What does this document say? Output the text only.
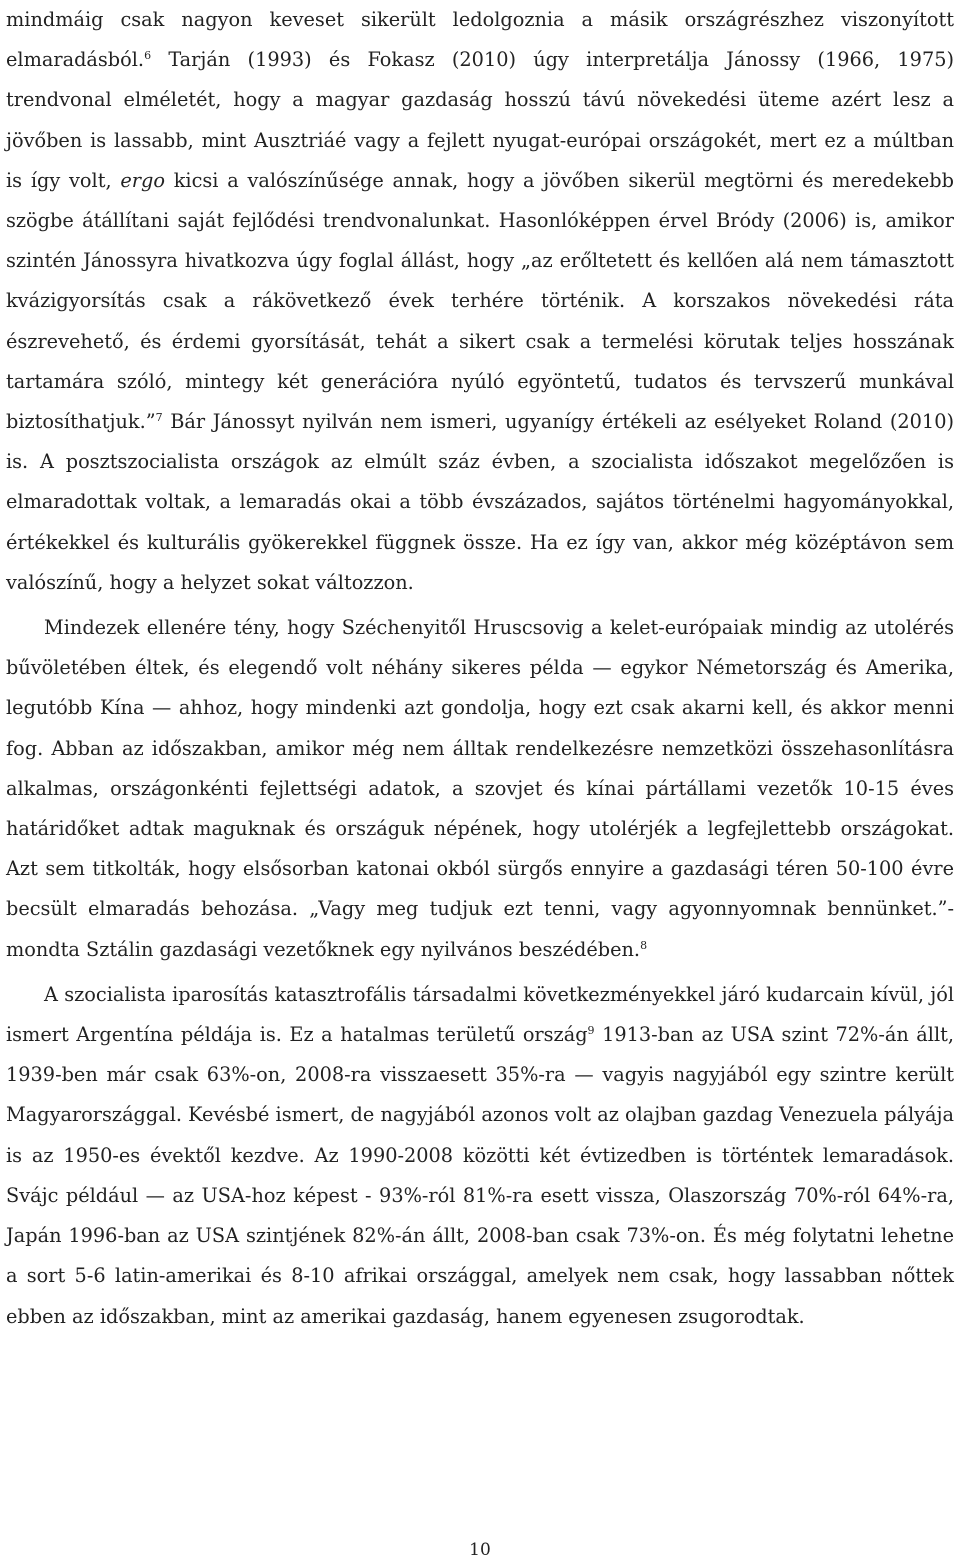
mindmáig csak nagyon keveset sikerült ledolgoznia a másik országrészhez viszonyított elmaradásból.$^6$ Tarján (1993) és Fokasz (2010) úgy interpretálja Jánossy (1966, 1975) trendvonal elméletét, hogy a magyar gazdaság hosszú távú növekedési üteme azért lesz a jövőben is lassabb, mint Ausztriáé vagy a fejlett nyugat-európai országokét, mert ez a múltban is így volt, ergo kicsi a valószínűsége annak, hogy a jövőben sikerül megtörni és meredekebb szögbe átállítani saját fejlődési trendvonalunkat. Hasonlóképpen érvel Bródy (2006) is, amikor szintén Jánossyra hivatkozva úgy foglal állást, hogy „az erőltetett és kellően alá nem támasztott kvázigyorsítás csak a rákövetkező évek terhére történik. A korszakos növekedési ráta észrevehető, és érdemi gyorsítását, tehát a sikert csak a termelési körutak teljes hosszának tartamára szóló, mintegy két generációra nyúló egyöntetű, tudatos és tervszerű munkával biztosíthatjuk.”$^7$ Bár Jánossyt nyilván nem ismeri, ugyanígy értékeli az esélyeket Roland (2010) is. A posztszocialista országok az elmúlt száz évben, a szocialista időszakot megelőzően is elmaradottak voltak, a lemaradás okai a több évszázados, sajátos történelmi hagyományokkal, értékekkel és kulturális gyökerekkel függnek össze. Ha ez így van, akkor még középtávon sem valószínű, hogy a helyzet sokat változzon.

Mindezek ellenére tény, hogy Széchenyitől Hruscsovig a kelet-európaiak mindig az utolérés bűvöletében éltek, és elegendő volt néhány sikeres példa — egykor Németország és Amerika, legutóbb Kína — ahhoz, hogy mindenki azt gondolja, hogy ezt csak akarni kell, és akkor menni fog. Abban az időszakban, amikor még nem álltak rendelkezésre nemzetközi összehasonlításra alkalmas, országonkénti fejlettségi adatok, a szovjet és kínai pártállami vezetők 10-15 éves határidőket adtak maguknak és országuk népének, hogy utolérjék a legfejlettebb országokat. Azt sem titkolták, hogy elsősorban katonai okból sürgős ennyire a gazdasági téren 50-100 évre becsült elmaradás behozása. „Vagy meg tudjuk ezt tenni, vagy agyonnyomnak bennünket.”- mondta Sztálin gazdasági vezetőknek egy nyilvános beszédében.$^8$

A szocialista iparosítás katasztrofális társadalmi következményekkel járó kudarcain kívül, jól ismert Argentína példája is. Ez a hatalmas területű ország$^9$ 1913-ban az USA szint 72%-án állt, 1939-ben már csak 63%-on, 2008-ra visszaesett 35%-ra — vagyis nagyjából egy szintre került Magyarországgal. Kevésbé ismert, de nagyjából azonos volt az olajban gazdag Venezuela pályája is az 1950-es évektől kezdve. Az 1990-2008 közötti két évtizedben is történtek lemaradások. Svájc például — az USA-hoz képest - 93%-ról 81%-ra esett vissza, Olaszország 70%-ról 64%-ra, Japán 1996-ban az USA szintjének 82%-án állt, 2008-ban csak 73%-on. És még folytatni lehetne a sort 5-6 latin-amerikai és 8-10 afrikai országgal, amelyek nem csak, hogy lassabban nőttek ebben az időszakban, mint az amerikai gazdaság, hanem egyenesen zsugorodtak.

10
